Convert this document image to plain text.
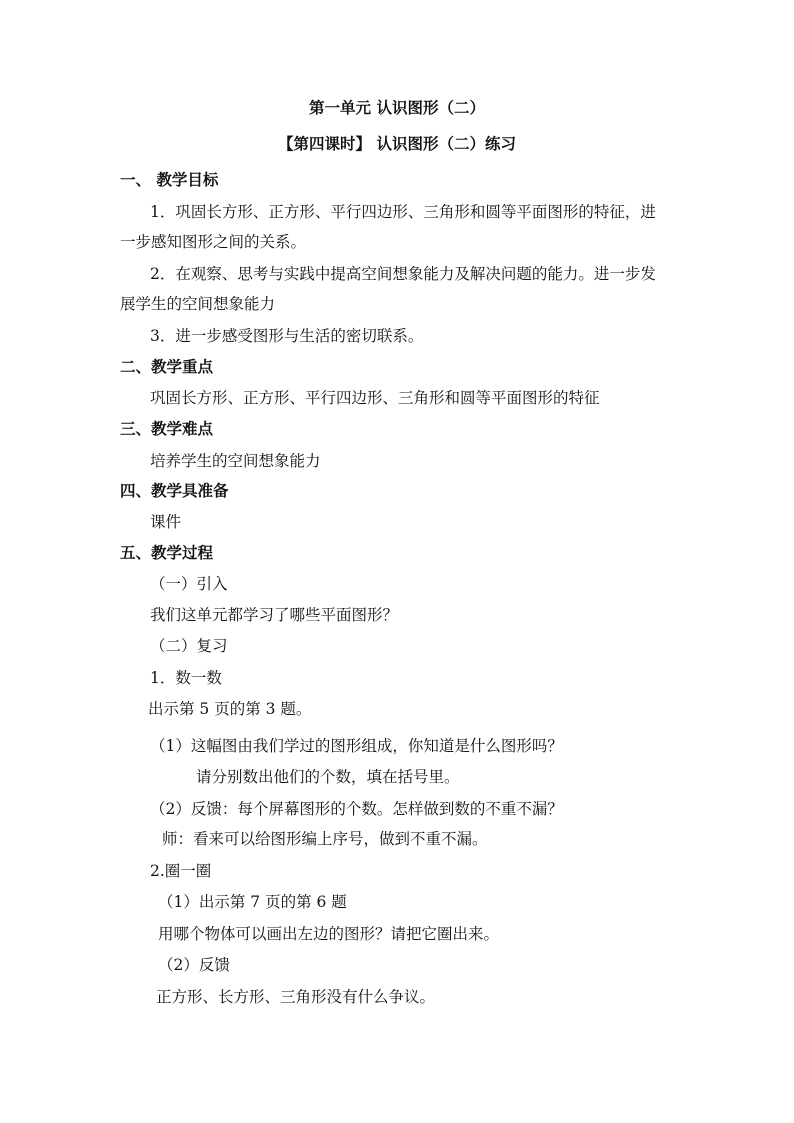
第一单元 认识图形（二）
【第四课时】 认识图形（二）练习
一、 教学目标
1．巩固长方形、正方形、平行四边形、三角形和圆等平面图形的特征，进
一步感知图形之间的关系。
2．在观察、思考与实践中提高空间想象能力及解决问题的能力。进一步发
展学生的空间想象能力
3．进一步感受图形与生活的密切联系。
二、教学重点
巩固长方形、正方形、平行四边形、三角形和圆等平面图形的特征
三、教学难点
培养学生的空间想象能力
四、教学具准备
课件
五、教学过程
（一）引入
我们这单元都学习了哪些平面图形？
（二）复习
1．数一数
出示第 5 页的第 3 题。
（1）这幅图由我们学过的图形组成，你知道是什么图形吗？
请分别数出他们的个数，填在括号里。
（2）反馈：每个屏幕图形的个数。怎样做到数的不重不漏？
师：看来可以给图形编上序号，做到不重不漏。
2.圈一圈
（1）出示第 7 页的第 6 题
用哪个物体可以画出左边的图形？请把它圈出来。
（2）反馈
正方形、长方形、三角形没有什么争议。
